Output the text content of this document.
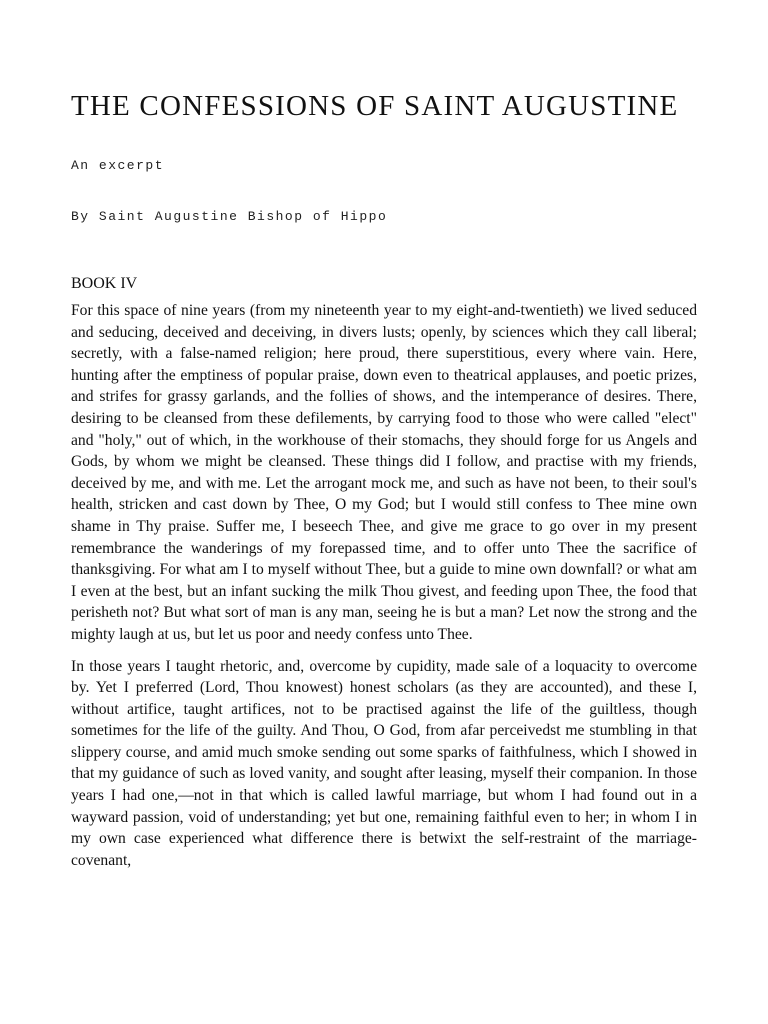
THE CONFESSIONS OF SAINT AUGUSTINE
An excerpt
By Saint Augustine Bishop of Hippo
BOOK IV

For this space of nine years (from my nineteenth year to my eight-and-twentieth) we lived seduced and seducing, deceived and deceiving, in divers lusts; openly, by sciences which they call liberal; secretly, with a false-named religion; here proud, there superstitious, every where vain. Here, hunting after the emptiness of popular praise, down even to theatrical applauses, and poetic prizes, and strifes for grassy garlands, and the follies of shows, and the intemperance of desires. There, desiring to be cleansed from these defilements, by carrying food to those who were called "elect" and "holy," out of which, in the workhouse of their stomachs, they should forge for us Angels and Gods, by whom we might be cleansed. These things did I follow, and practise with my friends, deceived by me, and with me. Let the arrogant mock me, and such as have not been, to their soul's health, stricken and cast down by Thee, O my God; but I would still confess to Thee mine own shame in Thy praise. Suffer me, I beseech Thee, and give me grace to go over in my present remembrance the wanderings of my forepassed time, and to offer unto Thee the sacrifice of thanksgiving. For what am I to myself without Thee, but a guide to mine own downfall? or what am I even at the best, but an infant sucking the milk Thou givest, and feeding upon Thee, the food that perisheth not? But what sort of man is any man, seeing he is but a man? Let now the strong and the mighty laugh at us, but let us poor and needy confess unto Thee.

In those years I taught rhetoric, and, overcome by cupidity, made sale of a loquacity to overcome by. Yet I preferred (Lord, Thou knowest) honest scholars (as they are accounted), and these I, without artifice, taught artifices, not to be practised against the life of the guiltless, though sometimes for the life of the guilty. And Thou, O God, from afar perceivedst me stumbling in that slippery course, and amid much smoke sending out some sparks of faithfulness, which I showed in that my guidance of such as loved vanity, and sought after leasing, myself their companion. In those years I had one,—not in that which is called lawful marriage, but whom I had found out in a wayward passion, void of understanding; yet but one, remaining faithful even to her; in whom I in my own case experienced what difference there is betwixt the self-restraint of the marriage-covenant,
